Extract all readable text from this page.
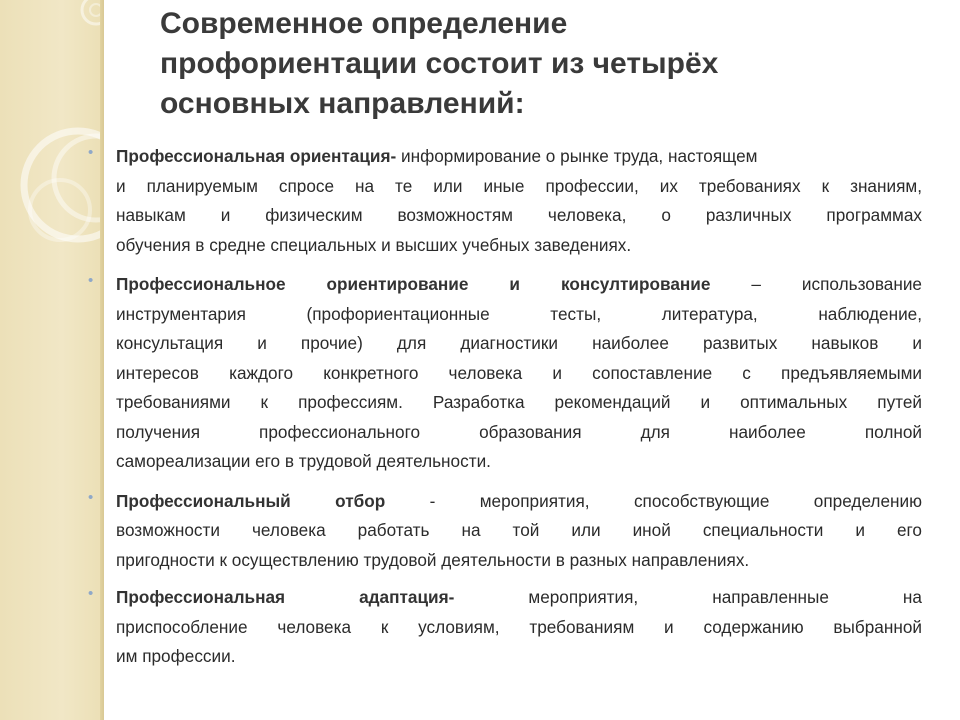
Современное определение
профориентации состоит из четырёх
основных направлений:
• Профессиональная ориентация- информирование о рынке труда, настоящем
и планируемым спросе на те или иные профессии, их требованиях к знаниям,
навыкам и физическим возможностям человека, о различных программах
обучения в средне специальных и высших учебных заведениях.
• Профессиональное ориентирование и консултирование – использование
инструментария (профориентационные тесты, литература, наблюдение,
консультация и прочие) для диагностики наиболее развитых навыков и
интересов каждого конкретного человека и сопоставление с предъявляемыми
требованиями к профессиям. Разработка рекомендаций и оптимальных путей
получения профессионального образования для наиболее полной
самореализации его в трудовой деятельности.
• Профессиональный отбор - мероприятия, способствующие определению
возможности человека работать на той или иной специальности и его
пригодности к осуществлению трудовой деятельности в разных направлениях.
• Профессиональная адаптация- мероприятия, направленные на
приспособление человека к условиям, требованиям и содержанию выбранной
им профессии.
